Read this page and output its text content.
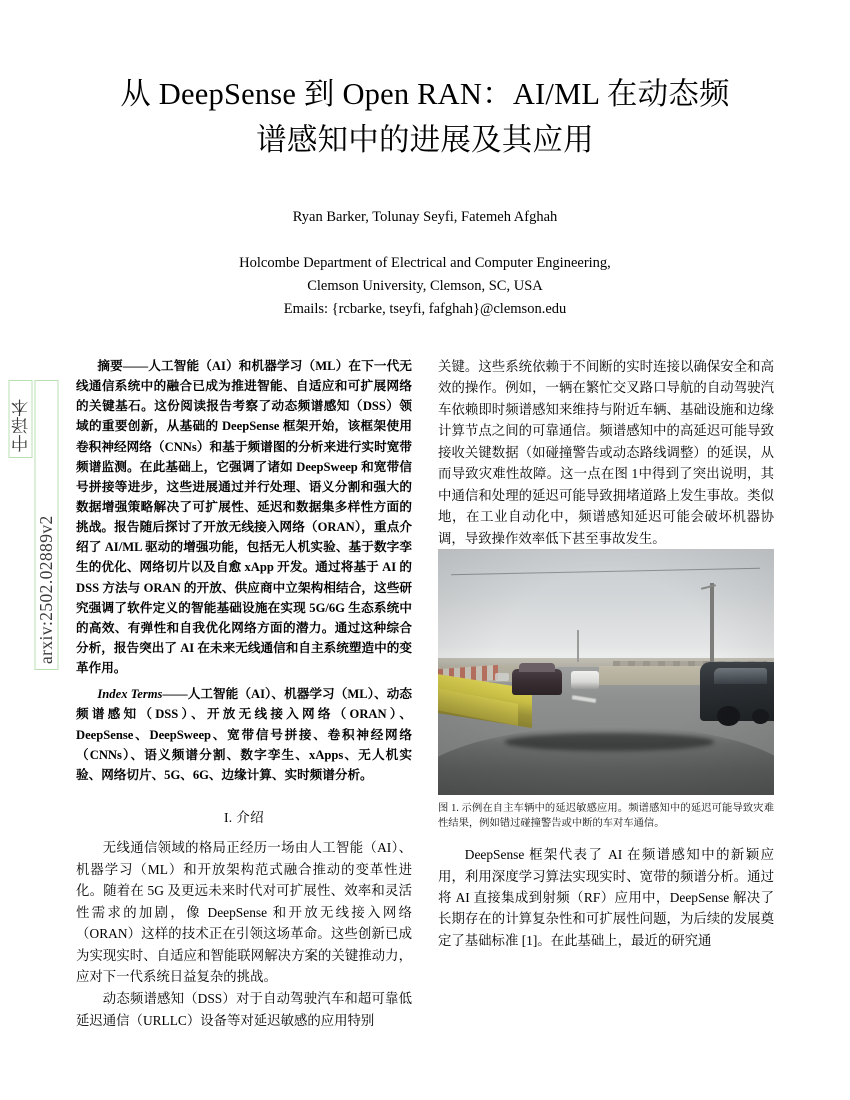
arxiv:2502.02889v2
中译本
从 DeepSense 到 Open RAN：AI/ML 在动态频
谱感知中的进展及其应用
Ryan Barker, Tolunay Seyfi, Fatemeh Afghah
Holcombe Department of Electrical and Computer Engineering,
Clemson University, Clemson, SC, USA
Emails: {rcbarke, tseyfi, fafghah}@clemson.edu

摘要——人工智能（AI）和机器学习（ML）在下一代无线通信系统中的融合已成为推进智能、自适应和可扩展网络的关键基石。这份阅读报告考察了动态频谱感知（DSS）领域的重要创新，从基础的 DeepSense 框架开始，该框架使用卷积神经网络（CNNs）和基于频谱图的分析来进行实时宽带频谱监测。在此基础上，它强调了诸如 DeepSweep 和宽带信号拼接等进步，这些进展通过并行处理、语义分割和强大的数据增强策略解决了可扩展性、延迟和数据集多样性方面的挑战。报告随后探讨了开放无线接入网络（ORAN），重点介绍了 AI/ML 驱动的增强功能，包括无人机实验、基于数字孪生的优化、网络切片以及自愈 xApp 开发。通过将基于 AI 的 DSS 方法与 ORAN 的开放、供应商中立架构相结合，这些研究强调了软件定义的智能基础设施在实现 5G/6G 生态系统中的高效、有弹性和自我优化网络方面的潜力。通过这种综合分析，报告突出了 AI 在未来无线通信和自主系统塑造中的变革作用。

Index Terms——人工智能（AI）、机器学习（ML）、动态频谱感知（DSS）、开放无线接入网络（ORAN）、DeepSense、DeepSweep、宽带信号拼接、卷积神经网络（CNNs）、语义频谱分割、数字孪生、xApps、无人机实验、网络切片、5G、6G、边缘计算、实时频谱分析。

I. 介绍

无线通信领域的格局正经历一场由人工智能（AI）、机器学习（ML）和开放架构范式融合推动的变革性进化。随着在 5G 及更远未来时代对可扩展性、效率和灵活性需求的加剧，像 DeepSense 和开放无线接入网络（ORAN）这样的技术正在引领这场革命。这些创新已成为实现实时、自适应和智能联网解决方案的关键推动力，应对下一代系统日益复杂的挑战。

动态频谱感知（DSS）对于自动驾驶汽车和超可靠低延迟通信（URLLC）设备等对延迟敏感的应用特别

关键。这些系统依赖于不间断的实时连接以确保安全和高效的操作。例如，一辆在繁忙交叉路口导航的自动驾驶汽车依赖即时频谱感知来维持与附近车辆、基础设施和边缘计算节点之间的可靠通信。频谱感知中的高延迟可能导致接收关键数据（如碰撞警告或动态路线调整）的延误，从而导致灾难性故障。这一点在图 1中得到了突出说明，其中通信和处理的延迟可能导致拥堵道路上发生事故。类似地，在工业自动化中，频谱感知延迟可能会破坏机器协调，导致操作效率低下甚至事故发生。

图 1. 示例在自主车辆中的延迟敏感应用。频谱感知中的延迟可能导致灾难性结果，例如错过碰撞警告或中断的车对车通信。

DeepSense 框架代表了 AI 在频谱感知中的新颖应用，利用深度学习算法实现实时、宽带的频谱分析。通过将 AI 直接集成到射频（RF）应用中，DeepSense 解决了长期存在的计算复杂性和可扩展性问题，为后续的发展奠定了基础标准 [1]。在此基础上，最近的研究通
